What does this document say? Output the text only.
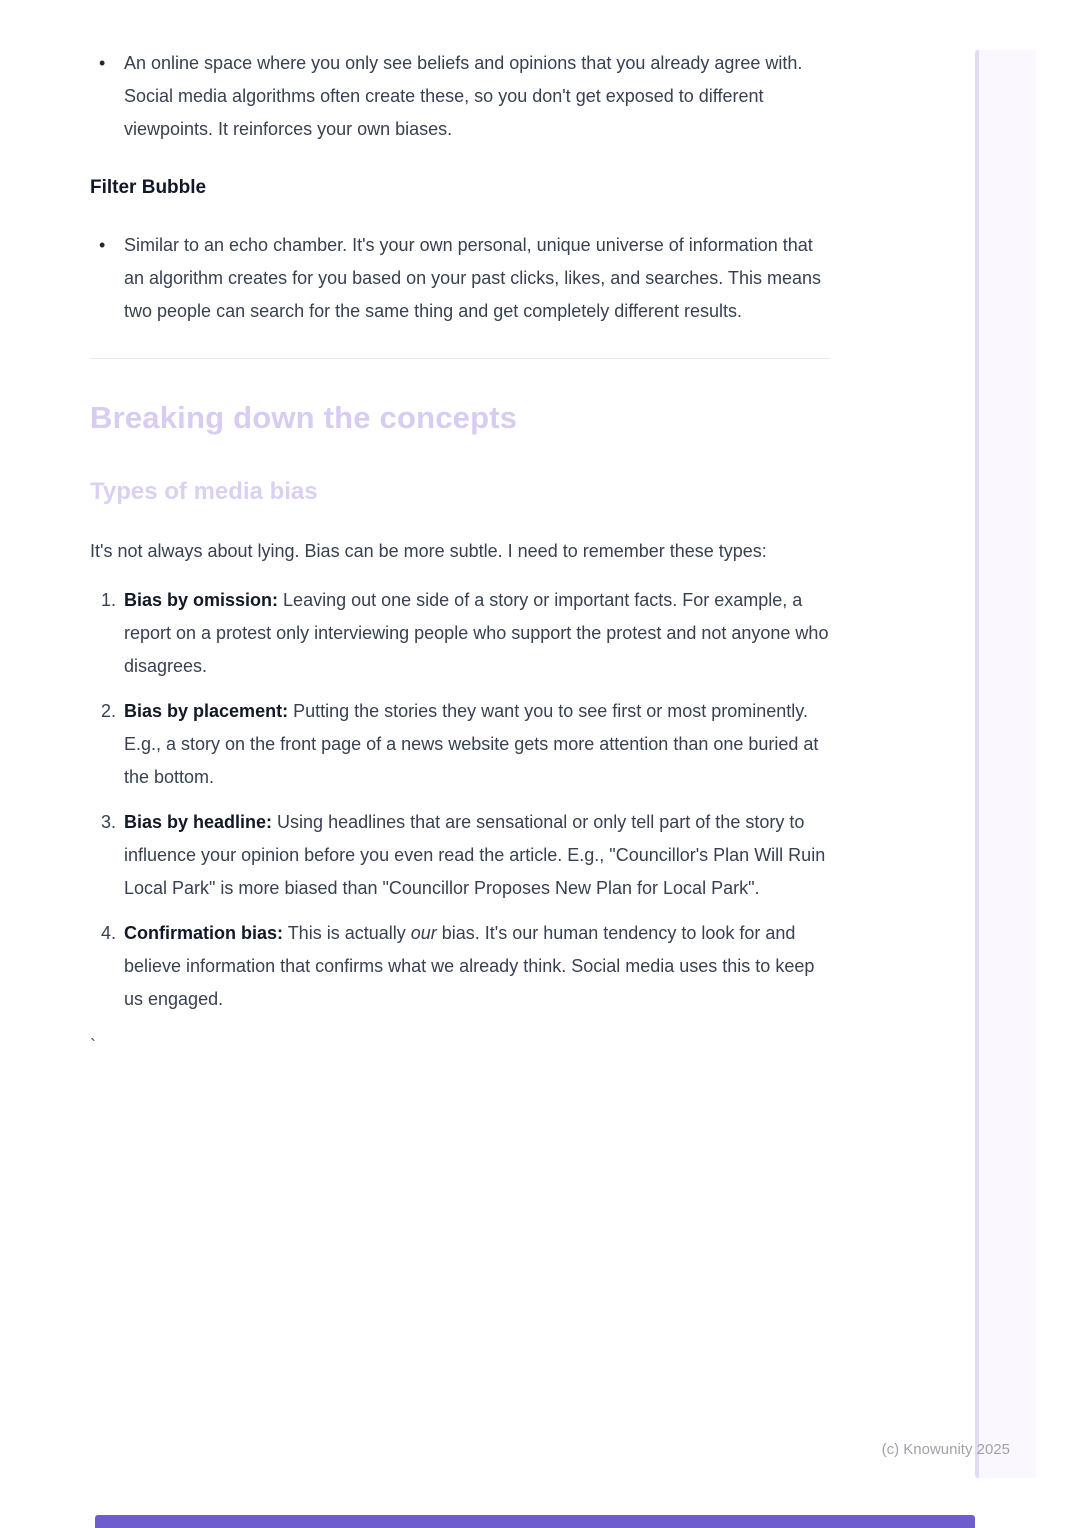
• An online space where you only see beliefs and opinions that you already agree with. Social media algorithms often create these, so you don't get exposed to different viewpoints. It reinforces your own biases.
Filter Bubble
• Similar to an echo chamber. It's your own personal, unique universe of information that an algorithm creates for you based on your past clicks, likes, and searches. This means two people can search for the same thing and get completely different results.
Breaking down the concepts
Types of media bias

It's not always about lying. Bias can be more subtle. I need to remember these types:

1. Bias by omission: Leaving out one side of a story or important facts. For example, a report on a protest only interviewing people who support the protest and not anyone who disagrees.
2. Bias by placement: Putting the stories they want you to see first or most prominently. E.g., a story on the front page of a news website gets more attention than one buried at the bottom.
3. Bias by headline: Using headlines that are sensational or only tell part of the story to influence your opinion before you even read the article. E.g., "Councillor's Plan Will Ruin Local Park" is more biased than "Councillor Proposes New Plan for Local Park".
4. Confirmation bias: This is actually our bias. It's our human tendency to look for and believe information that confirms what we already think. Social media uses this to keep us engaged.
`
(c) Knowunity 2025
